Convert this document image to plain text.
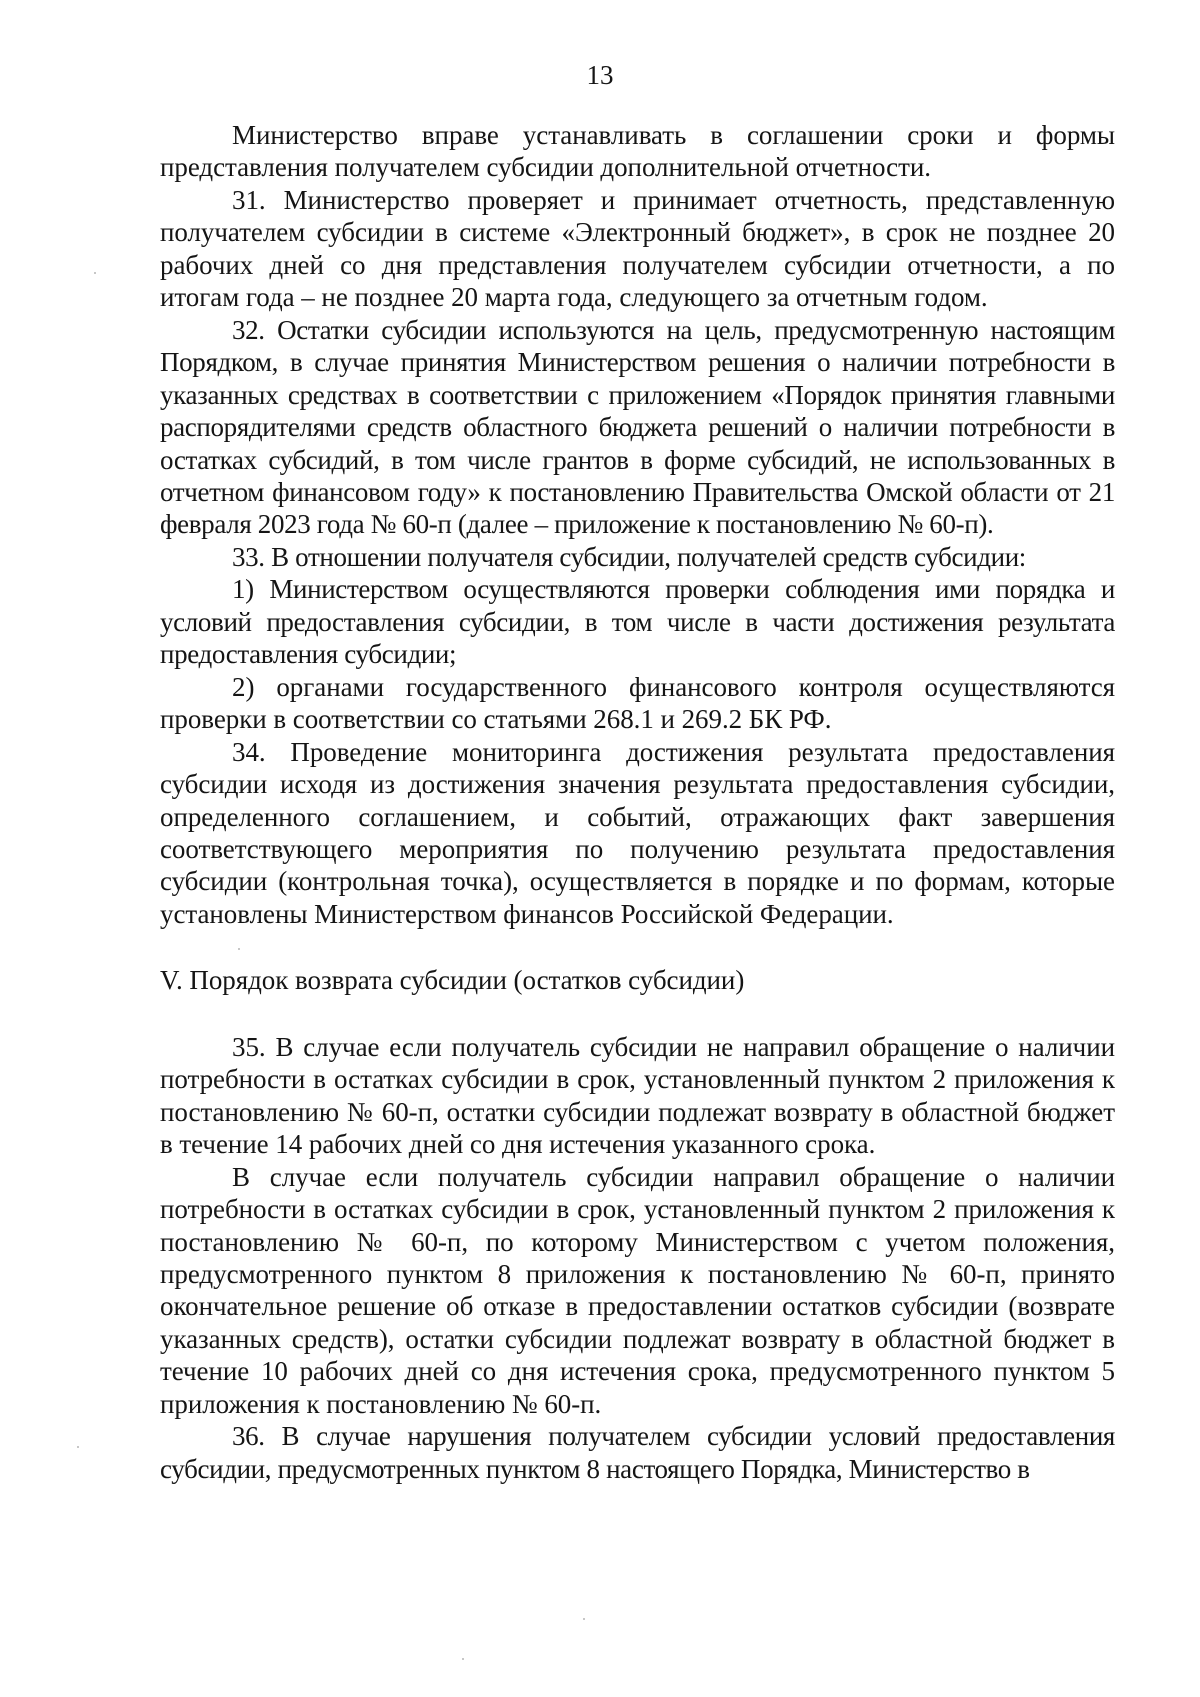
13

Министерство вправе устанавливать в соглашении сроки и формы представления получателем субсидии дополнительной отчетности.

31. Министерство проверяет и принимает отчетность, представленную получателем субсидии в системе «Электронный бюджет», в срок не позднее 20 рабочих дней со дня представления получателем субсидии отчетности, а по итогам года – не позднее 20 марта года, следующего за отчетным годом.

32. Остатки субсидии используются на цель, предусмотренную настоящим Порядком, в случае принятия Министерством решения о наличии потребности в указанных средствах в соответствии с приложением «Порядок принятия главными распорядителями средств областного бюджета решений о наличии потребности в остатках субсидий, в том числе грантов в форме субсидий, не использованных в отчетном финансовом году» к постановлению Правительства Омской области от 21 февраля 2023 года № 60-п (далее – приложение к постановлению № 60-п).

33. В отношении получателя субсидии, получателей средств субсидии:

1) Министерством осуществляются проверки соблюдения ими порядка и условий предоставления субсидии, в том числе в части достижения результата предоставления субсидии;

2) органами государственного финансового контроля осуществляются проверки в соответствии со статьями 268.1 и 269.2 БК РФ.

34. Проведение мониторинга достижения результата предоставления субсидии исходя из достижения значения результата предоставления субсидии, определенного соглашением, и событий, отражающих факт завершения соответствующего мероприятия по получению результата предоставления субсидии (контрольная точка), осуществляется в порядке и по формам, которые установлены Министерством финансов Российской Федерации.

V. Порядок возврата субсидии (остатков субсидии)

35. В случае если получатель субсидии не направил обращение о наличии потребности в остатках субсидии в срок, установленный пунктом 2 приложения к постановлению № 60-п, остатки субсидии подлежат возврату в областной бюджет в течение 14 рабочих дней со дня истечения указанного срока.

В случае если получатель субсидии направил обращение о наличии потребности в остатках субсидии в срок, установленный пунктом 2 приложения к постановлению № 60-п, по которому Министерством с учетом положения, предусмотренного пунктом 8 приложения к постановлению № 60-п, принято окончательное решение об отказе в предоставлении остатков субсидии (возврате указанных средств), остатки субсидии подлежат возврату в областной бюджет в течение 10 рабочих дней со дня истечения срока, предусмотренного пунктом 5 приложения к постановлению № 60-п.

36. В случае нарушения получателем субсидии условий предоставления субсидии, предусмотренных пунктом 8 настоящего Порядка, Министерство в
